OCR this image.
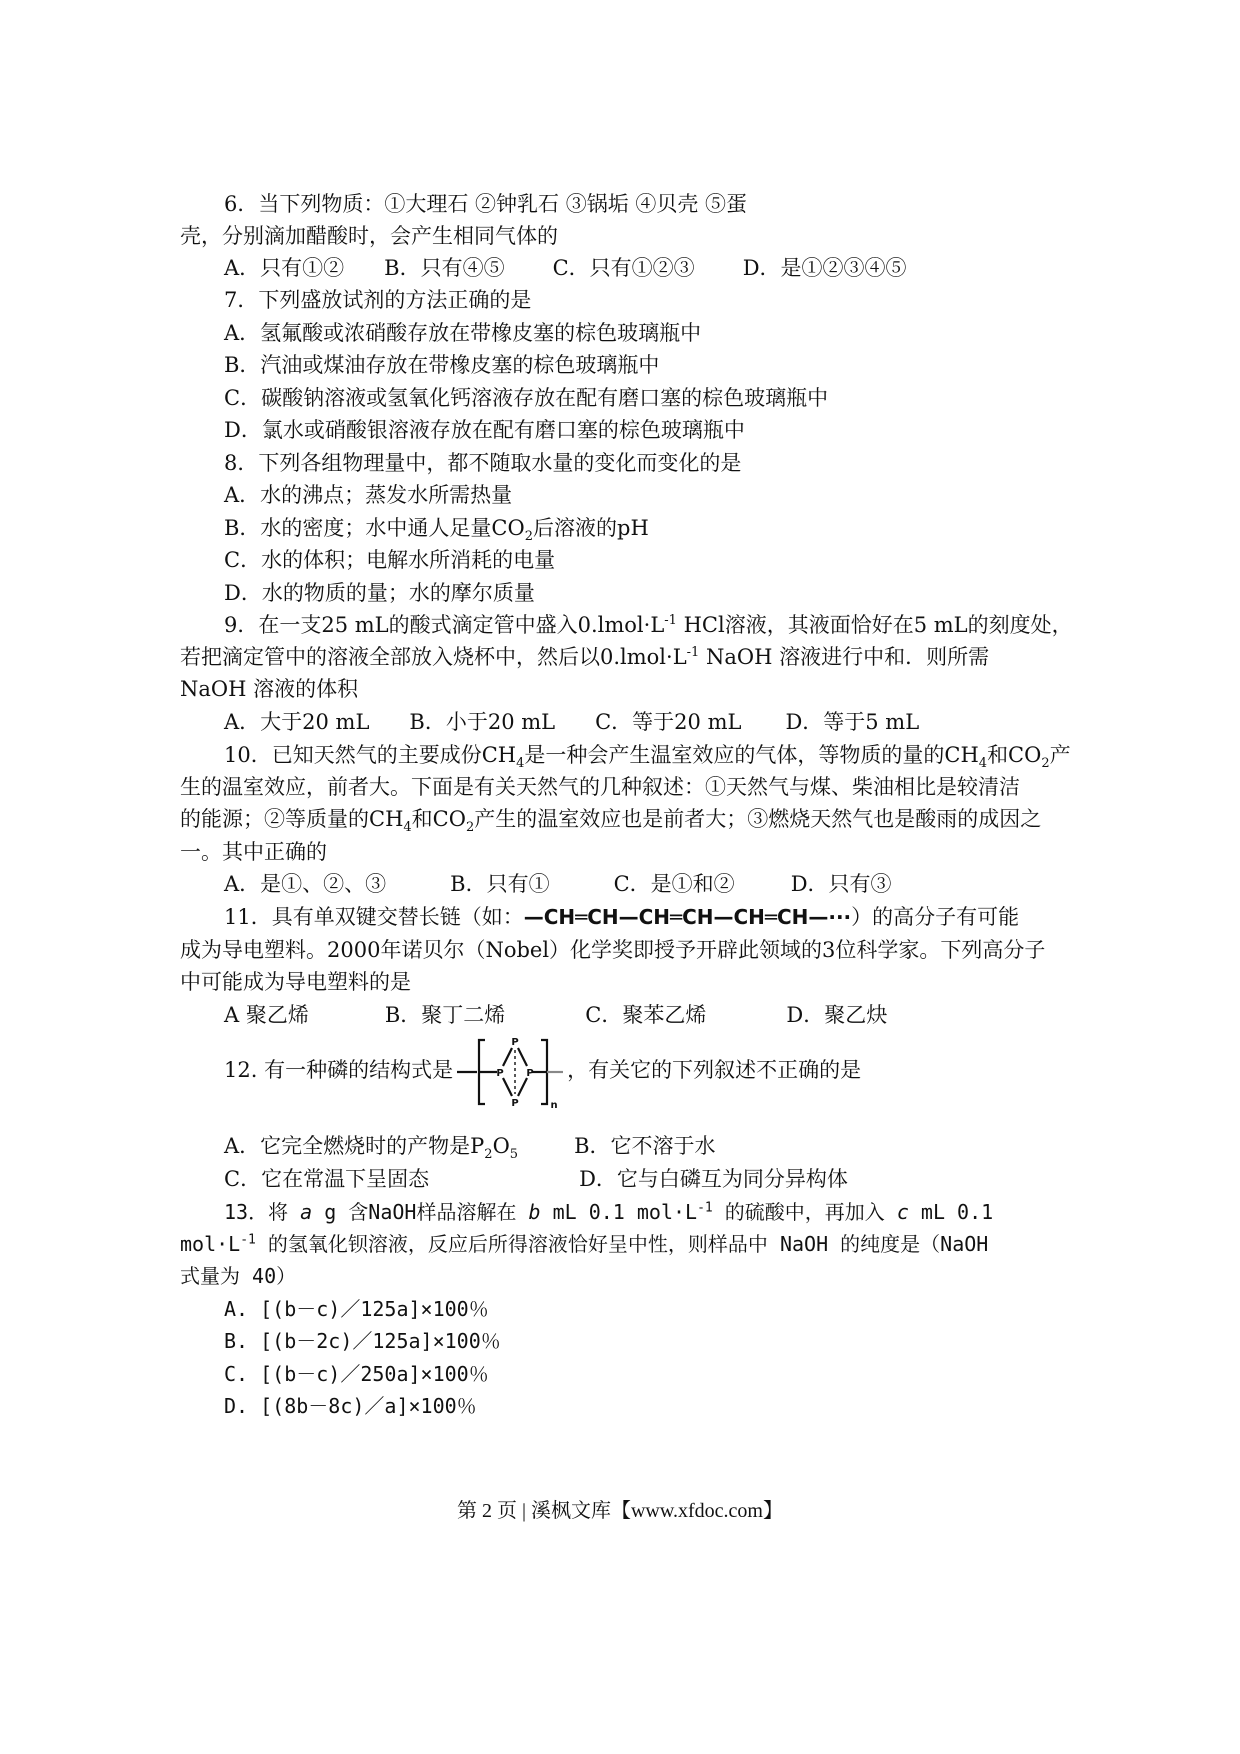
6．当下列物质：①大理石 ②钟乳石 ③锅垢 ④贝壳 ⑤蛋
壳，分别滴加醋酸时，会产生相同气体的
A．只有①② B．只有④⑤ C．只有①②③ D．是①②③④⑤
7．下列盛放试剂的方法正确的是
A．氢氟酸或浓硝酸存放在带橡皮塞的棕色玻璃瓶中
B．汽油或煤油存放在带橡皮塞的棕色玻璃瓶中
C．碳酸钠溶液或氢氧化钙溶液存放在配有磨口塞的棕色玻璃瓶中
D．氯水或硝酸银溶液存放在配有磨口塞的棕色玻璃瓶中
8．下列各组物理量中，都不随取水量的变化而变化的是
A．水的沸点；蒸发水所需热量
B．水的密度；水中通人足量$CO_2$后溶液的pH
C．水的体积；电解水所消耗的电量
D．水的物质的量；水的摩尔质量
9．在一支25 mL的酸式滴定管中盛入$0.lmol\cdot L^{-1}$ HCl溶液，其液面恰好在5 mL的刻度处，
若把滴定管中的溶液全部放入烧杯中，然后以$0.lmol\cdot L^{-1}$ NaOH 溶液进行中和．则所需
NaOH 溶液的体积
A．大于20 mL B．小于20 mL C．等于20 mL D．等于5 mL
10．已知天然气的主要成份$CH_4$是一种会产生温室效应的气体，等物质的量的$CH_4$和$CO_2$产
生的温室效应，前者大。下面是有关天然气的几种叙述：①天然气与煤、柴油相比是较清洁
的能源；②等质量的$CH_4$和$CO_2$产生的温室效应也是前者大；③燃烧天然气也是酸雨的成因之
一。其中正确的
A．是①、②、③	B．只有①	C．是①和②	D．只有③
11．具有单双键交替长链（如：—CH═CH—CH═CH—CH═CH—···）的高分子有可能
成为导电塑料。2000年诺贝尔（Nobel）化学奖即授予开辟此领域的3位科学家。下列高分子
中可能成为导电塑料的是
A 聚乙烯	B．聚丁二烯	C．聚苯乙烯	D．聚乙炔
12. 有一种磷的结构式是
P
P P
P	n
，有关它的下列叙述不正确的是
A．它完全燃烧时的产物是$P_2O_5$	B．它不溶于水
C．它在常温下呈固态	D．它与白磷互为同分异构体
13．将 a g 含NaOH样品溶解在 b mL 0.1 $mol\cdot L^{-1}$ 的硫酸中，再加入 c mL 0.1
$mol\cdot L^{-1}$ 的氢氧化钡溶液，反应后所得溶液恰好呈中性，则样品中 NaOH 的纯度是（NaOH
式量为 40）
A. [(b－c)／125a]×100％
B. [(b－2c)／125a]×100％
C. [(b－c)／250a]×100％
D. [(8b－8c)／a]×100％
第 2 页 | 溪枫文库【www.xfdoc.com】
